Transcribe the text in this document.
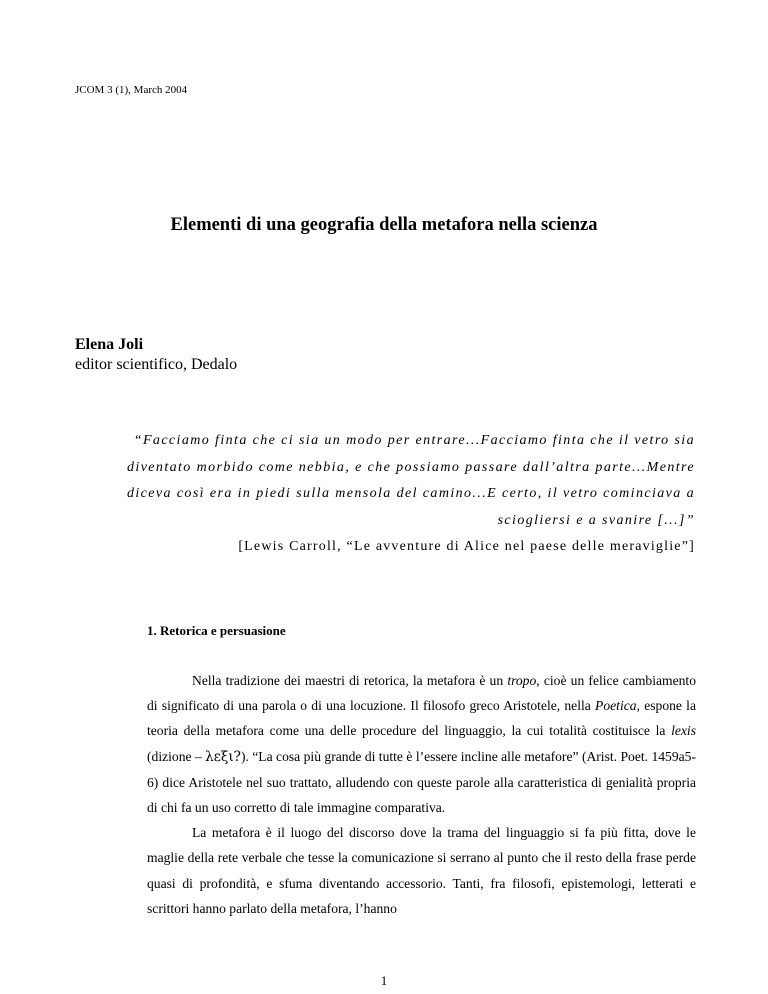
JCOM 3 (1), March 2004
Elementi di una geografia della metafora nella scienza
Elena Joli
editor scientifico, Dedalo
“Facciamo finta che ci sia un modo per entrare...Facciamo finta che il vetro sia
diventato morbido come nebbia, e che possiamo passare dall’altra parte...Mentre
diceva così era in piedi sulla mensola del camino...E certo, il vetro cominciava a
sciogliersi e a svanire [...]”
[Lewis Carroll, “Le avventure di Alice nel paese delle meraviglie”]
1. Retorica e persuasione

Nella tradizione dei maestri di retorica, la metafora è un tropo, cioè un felice cambiamento di significato di una parola o di una locuzione. Il filosofo greco Aristotele, nella Poetica, espone la teoria della metafora come una delle procedure del linguaggio, la cui totalità costituisce la lexis (dizione – λεξι?). “La cosa più grande di tutte è l’essere incline alle metafore” (Arist. Poet. 1459a5-6) dice Aristotele nel suo trattato, alludendo con queste parole alla caratteristica di genialità propria di chi fa un uso corretto di tale immagine comparativa.

La metafora è il luogo del discorso dove la trama del linguaggio si fa più fitta, dove le maglie della rete verbale che tesse la comunicazione si serrano al punto che il resto della frase perde quasi di profondità, e sfuma diventando accessorio. Tanti, fra filosofi, epistemologi, letterati e scrittori hanno parlato della metafora, l’hanno

1
